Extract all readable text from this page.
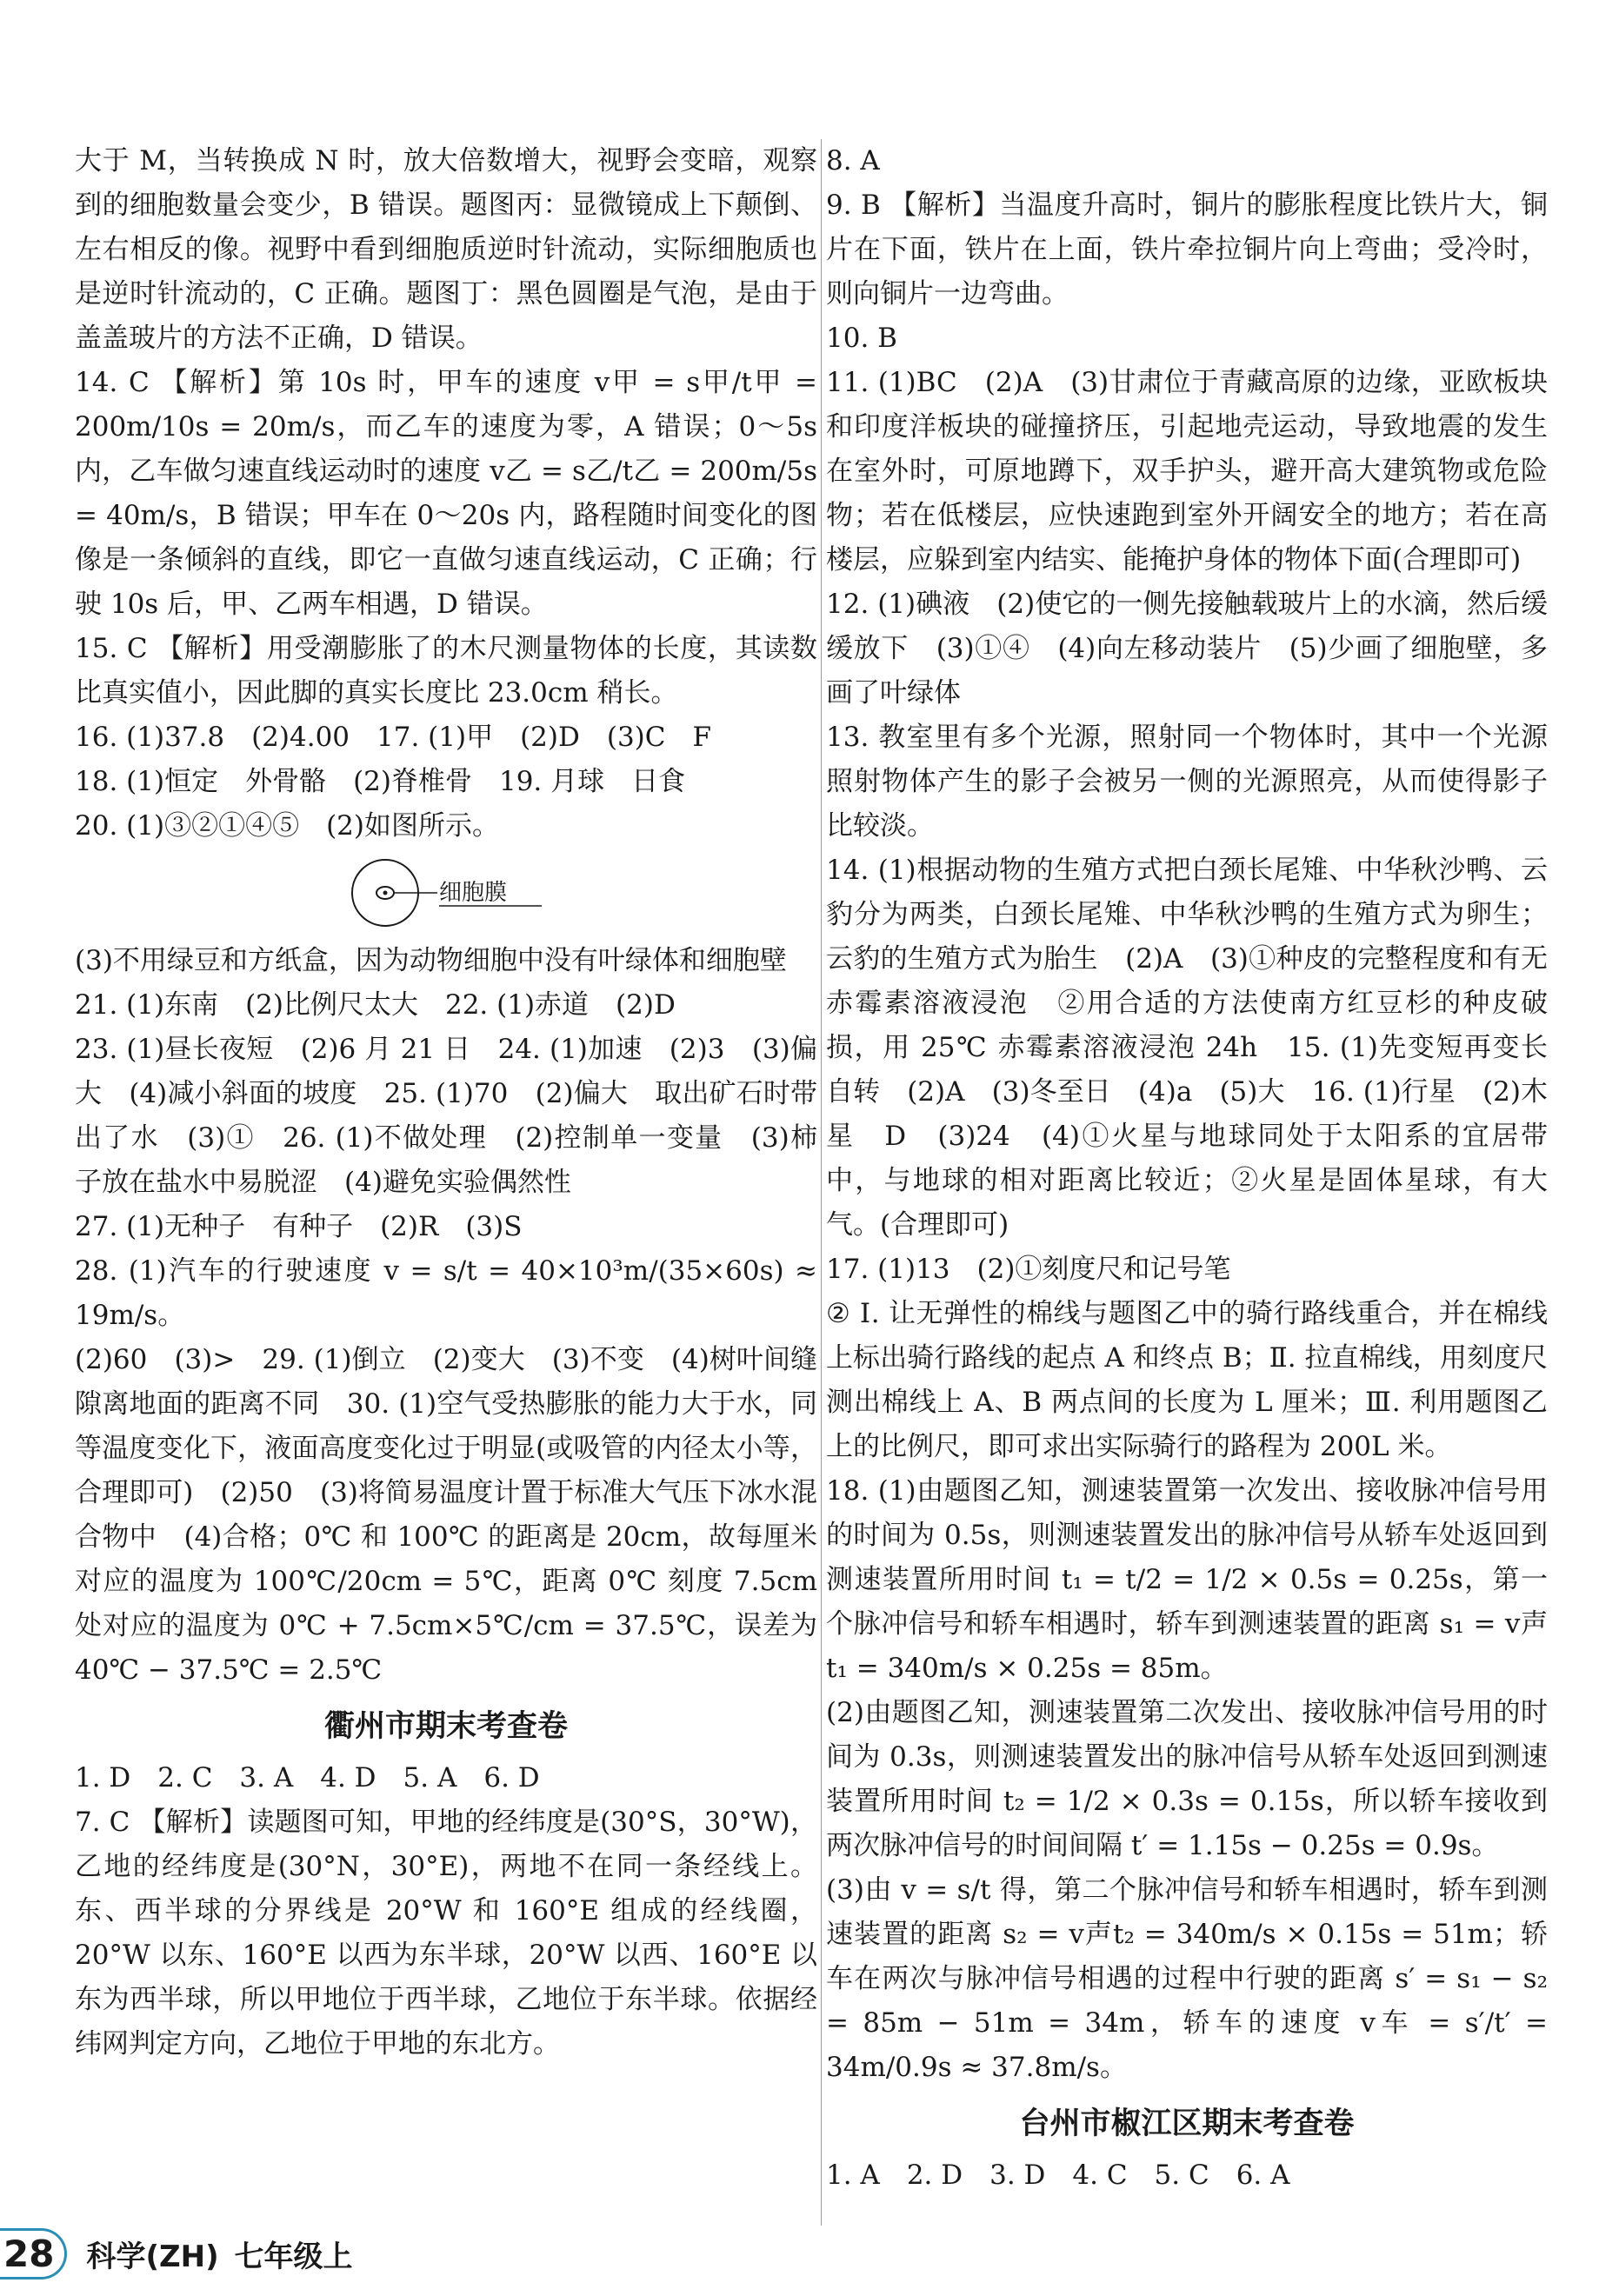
大于 M，当转换成 N 时，放大倍数增大，视野会变暗，观察到的细胞数量会变少，B 错误。题图丙：显微镜成上下颠倒、左右相反的像。视野中看到细胞质逆时针流动，实际细胞质也是逆时针流动的，C 正确。题图丁：黑色圆圈是气泡，是由于盖盖玻片的方法不正确，D 错误。

14. C 【解析】第 10s 时，甲车的速度 v甲 = s甲/t甲 = 200m/10s = 20m/s，而乙车的速度为零，A 错误；0～5s 内，乙车做匀速直线运动时的速度 v乙 = s乙/t乙 = 200m/5s = 40m/s，B 错误；甲车在 0～20s 内，路程随时间变化的图像是一条倾斜的直线，即它一直做匀速直线运动，C 正确；行驶 10s 后，甲、乙两车相遇，D 错误。

15. C 【解析】用受潮膨胀了的木尺测量物体的长度，其读数比真实值小，因此脚的真实长度比 23.0cm 稍长。

16. (1)37.8　(2)4.00　17. (1)甲　(2)D　(3)C　F

18. (1)恒定　外骨骼　(2)脊椎骨　19. 月球　日食

20. (1)③②①④⑤　(2)如图所示。

细胞膜

(3)不用绿豆和方纸盒，因为动物细胞中没有叶绿体和细胞壁

21. (1)东南　(2)比例尺太大　22. (1)赤道　(2)D

23. (1)昼长夜短　(2)6 月 21 日　24. (1)加速　(2)3　(3)偏大　(4)减小斜面的坡度　25. (1)70　(2)偏大　取出矿石时带出了水　(3)①　26. (1)不做处理　(2)控制单一变量　(3)柿子放在盐水中易脱涩　(4)避免实验偶然性

27. (1)无种子　有种子　(2)R　(3)S

28. (1)汽车的行驶速度 v = s/t = 40×10³m/(35×60s) ≈ 19m/s。

(2)60　(3)>　29. (1)倒立　(2)变大　(3)不变　(4)树叶间缝隙离地面的距离不同　30. (1)空气受热膨胀的能力大于水，同等温度变化下，液面高度变化过于明显(或吸管的内径太小等，合理即可)　(2)50　(3)将简易温度计置于标准大气压下冰水混合物中　(4)合格；0℃ 和 100℃ 的距离是 20cm，故每厘米对应的温度为 100℃/20cm = 5℃，距离 0℃ 刻度 7.5cm 处对应的温度为 0℃ + 7.5cm×5℃/cm = 37.5℃，误差为 40℃ − 37.5℃ = 2.5℃

衢州市期末考查卷

1. D　2. C　3. A　4. D　5. A　6. D

7. C 【解析】读题图可知，甲地的经纬度是(30°S，30°W)，乙地的经纬度是(30°N，30°E)，两地不在同一条经线上。东、西半球的分界线是 20°W 和 160°E 组成的经线圈，20°W 以东、160°E 以西为东半球，20°W 以西、160°E 以东为西半球，所以甲地位于西半球，乙地位于东半球。依据经纬网判定方向，乙地位于甲地的东北方。

8. A

9. B 【解析】当温度升高时，铜片的膨胀程度比铁片大，铜片在下面，铁片在上面，铁片牵拉铜片向上弯曲；受冷时，则向铜片一边弯曲。

10. B

11. (1)BC　(2)A　(3)甘肃位于青藏高原的边缘，亚欧板块和印度洋板块的碰撞挤压，引起地壳运动，导致地震的发生　在室外时，可原地蹲下，双手护头，避开高大建筑物或危险物；若在低楼层，应快速跑到室外开阔安全的地方；若在高楼层，应躲到室内结实、能掩护身体的物体下面(合理即可)

12. (1)碘液　(2)使它的一侧先接触载玻片上的水滴，然后缓缓放下　(3)①④　(4)向左移动装片　(5)少画了细胞壁，多画了叶绿体

13. 教室里有多个光源，照射同一个物体时，其中一个光源照射物体产生的影子会被另一侧的光源照亮，从而使得影子比较淡。

14. (1)根据动物的生殖方式把白颈长尾雉、中华秋沙鸭、云豹分为两类，白颈长尾雉、中华秋沙鸭的生殖方式为卵生；云豹的生殖方式为胎生　(2)A　(3)①种皮的完整程度和有无赤霉素溶液浸泡　②用合适的方法使南方红豆杉的种皮破损，用 25℃ 赤霉素溶液浸泡 24h　15. (1)先变短再变长　自转　(2)A　(3)冬至日　(4)a　(5)大　16. (1)行星　(2)木星　D　(3)24　(4)①火星与地球同处于太阳系的宜居带中，与地球的相对距离比较近；②火星是固体星球，有大气。(合理即可)

17. (1)13　(2)①刻度尺和记号笔

② Ⅰ. 让无弹性的棉线与题图乙中的骑行路线重合，并在棉线上标出骑行路线的起点 A 和终点 B；Ⅱ. 拉直棉线，用刻度尺测出棉线上 A、B 两点间的长度为 L 厘米；Ⅲ. 利用题图乙上的比例尺，即可求出实际骑行的路程为 200L 米。

18. (1)由题图乙知，测速装置第一次发出、接收脉冲信号用的时间为 0.5s，则测速装置发出的脉冲信号从轿车处返回到测速装置所用时间 t₁ = t/2 = 1/2 × 0.5s = 0.25s，第一个脉冲信号和轿车相遇时，轿车到测速装置的距离 s₁ = v声t₁ = 340m/s × 0.25s = 85m。

(2)由题图乙知，测速装置第二次发出、接收脉冲信号用的时间为 0.3s，则测速装置发出的脉冲信号从轿车处返回到测速装置所用时间 t₂ = 1/2 × 0.3s = 0.15s，所以轿车接收到两次脉冲信号的时间间隔 t′ = 1.15s − 0.25s = 0.9s。

(3)由 v = s/t 得，第二个脉冲信号和轿车相遇时，轿车到测速装置的距离 s₂ = v声t₂ = 340m/s × 0.15s = 51m；轿车在两次与脉冲信号相遇的过程中行驶的距离 s′ = s₁ − s₂ = 85m − 51m = 34m，轿车的速度 v车 = s′/t′ = 34m/0.9s ≈ 37.8m/s。

台州市椒江区期末考查卷

1. A　2. D　3. D　4. C　5. C　6. A

28	科学(ZH) 七年级上
